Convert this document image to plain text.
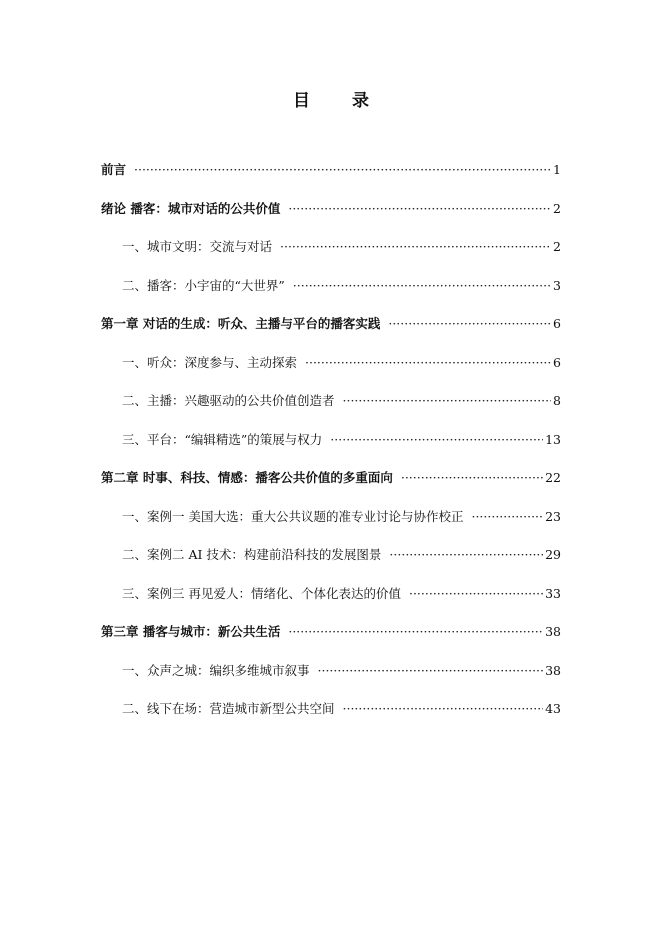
目 录
前言 ·····	1
绪论 播客：城市对话的公共价值 ·····	2
一、城市文明：交流与对话 ·····	2
二、播客：小宇宙的“大世界” ·····	3
第一章 对话的生成：听众、主播与平台的播客实践 ·····	6
一、听众：深度参与、主动探索 ·····	6
二、主播：兴趣驱动的公共价值创造者 ·····	8
三、平台：“编辑精选”的策展与权力 ·····	13
第二章 时事、科技、情感：播客公共价值的多重面向 ·····	22
一、案例一 美国大选：重大公共议题的准专业讨论与协作校正 ·····	23
二、案例二 AI 技术：构建前沿科技的发展图景 ·····	29
三、案例三 再见爱人：情绪化、个体化表达的价值 ·····	33
第三章 播客与城市：新公共生活 ·····	38
一、众声之城：编织多维城市叙事 ·····	38
二、线下在场：营造城市新型公共空间 ·····	43
